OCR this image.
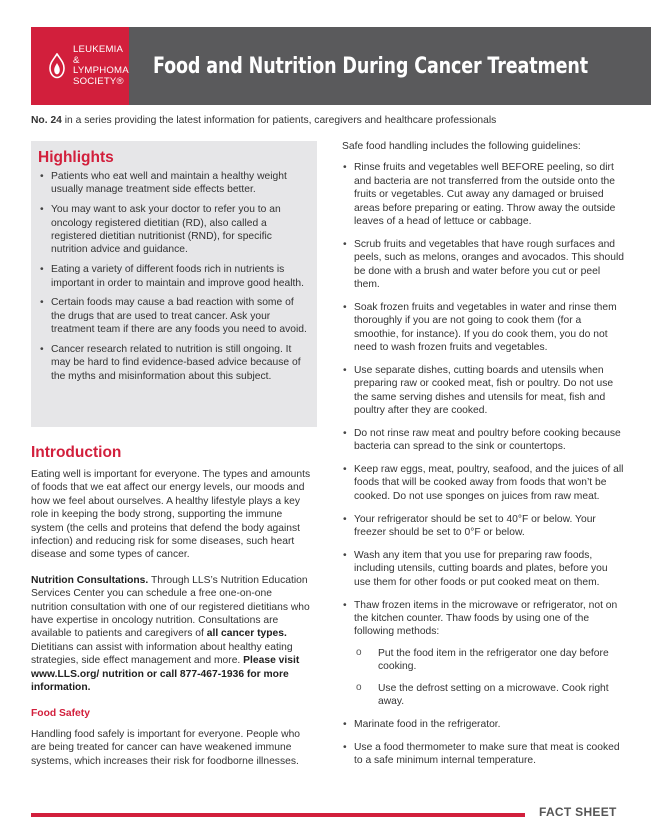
LEUKEMIA &
LYMPHOMA
SOCIETY®
Food and Nutrition During Cancer Treatment
No. 24 in a series providing the latest information for patients, caregivers and healthcare professionals
Highlights
• Patients who eat well and maintain a healthy weight usually manage treatment side effects better.
• You may want to ask your doctor to refer you to an oncology registered dietitian (RD), also called a registered dietitian nutritionist (RND), for specific nutrition advice and guidance.
• Eating a variety of different foods rich in nutrients is important in order to maintain and improve good health.
• Certain foods may cause a bad reaction with some of the drugs that are used to treat cancer. Ask your treatment team if there are any foods you need to avoid.
• Cancer research related to nutrition is still ongoing. It may be hard to find evidence-based advice because of the myths and misinformation about this subject.
Introduction

Eating well is important for everyone. The types and amounts of foods that we eat affect our energy levels, our moods and how we feel about ourselves. A healthy lifestyle plays a key role in keeping the body strong, supporting the immune system (the cells and proteins that defend the body against infection) and reducing risk for some diseases, such heart disease and some types of cancer.

Nutrition Consultations. Through LLS’s Nutrition Education Services Center you can schedule a free one-on-one nutrition consultation with one of our registered dietitians who have expertise in oncology nutrition. Consultations are available to patients and caregivers of all cancer types. Dietitians can assist with information about healthy eating strategies, side effect management and more. Please visit www.LLS.org/ nutrition or call 877-467-1936 for more information.

Food Safety

Handling food safely is important for everyone. People who are being treated for cancer can have weakened immune systems, which increases their risk for foodborne illnesses.

Safe food handling includes the following guidelines:
• Rinse fruits and vegetables well BEFORE peeling, so dirt and bacteria are not transferred from the outside onto the fruits or vegetables. Cut away any damaged or bruised areas before preparing or eating. Throw away the outside leaves of a head of lettuce or cabbage.
• Scrub fruits and vegetables that have rough surfaces and peels, such as melons, oranges and avocados. This should be done with a brush and water before you cut or peel them.
• Soak frozen fruits and vegetables in water and rinse them thoroughly if you are not going to cook them (for a smoothie, for instance). If you do cook them, you do not need to wash frozen fruits and vegetables.
• Use separate dishes, cutting boards and utensils when preparing raw or cooked meat, fish or poultry. Do not use the same serving dishes and utensils for meat, fish and poultry after they are cooked.
• Do not rinse raw meat and poultry before cooking because bacteria can spread to the sink or countertops.
• Keep raw eggs, meat, poultry, seafood, and the juices of all foods that will be cooked away from foods that won’t be cooked. Do not use sponges on juices from raw meat.
• Your refrigerator should be set to 40°F or below. Your freezer should be set to 0°F or below.
• Wash any item that you use for preparing raw foods, including utensils, cutting boards and plates, before you use them for other foods or put cooked meat on them.
• Thaw frozen items in the microwave or refrigerator, not on the kitchen counter. Thaw foods by using one of the following methods:
o Put the food item in the refrigerator one day before cooking.
o Use the defrost setting on a microwave. Cook right away.
• Marinate food in the refrigerator.
• Use a food thermometer to make sure that meat is cooked to a safe minimum internal temperature.
FACT SHEET
